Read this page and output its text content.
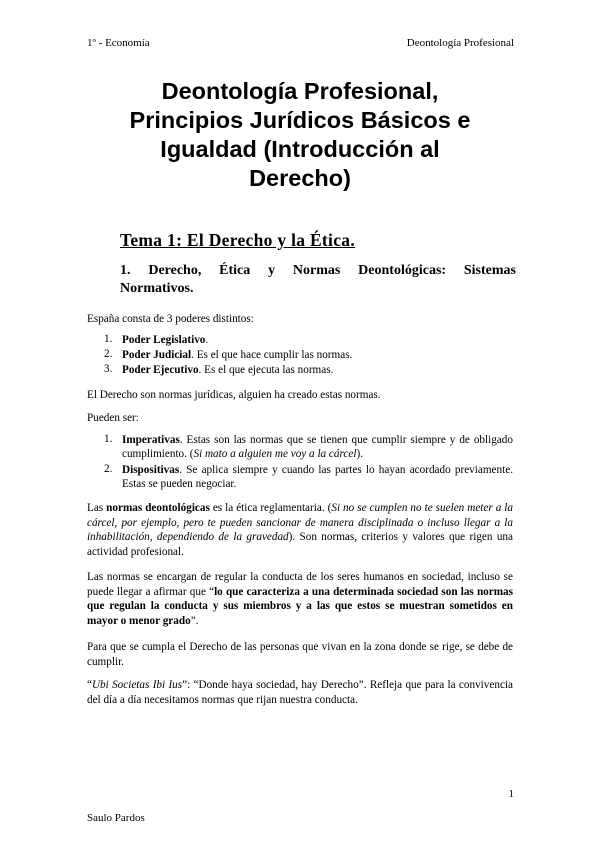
1º - Economía	Deontología Profesional
Deontología Profesional,
Principios Jurídicos Básicos e
Igualdad (Introducción al
Derecho)
Tema 1: El Derecho y la Ética.
1. Derecho, Ética y Normas Deontológicas: Sistemas
Normativos.
España consta de 3 poderes distintos:
1. Poder Legislativo.
2. Poder Judicial. Es el que hace cumplir las normas.
3. Poder Ejecutivo. Es el que ejecuta las normas.
El Derecho son normas jurídicas, alguien ha creado estas normas.
Pueden ser:
1. Imperativas. Estas son las normas que se tienen que cumplir siempre y de obligado cumplimiento. (Si mato a alguien me voy a la cárcel).
2. Dispositivas. Se aplica siempre y cuando las partes lo hayan acordado previamente. Estas se pueden negociar.
Las normas deontológicas es la ética reglamentaria. (Si no se cumplen no te suelen meter a la cárcel, por ejemplo, pero te pueden sancionar de manera disciplinada o incluso llegar a la inhabilitación, dependiendo de la gravedad). Son normas, criterios y valores que rigen una actividad profesional.
Las normas se encargan de regular la conducta de los seres humanos en sociedad, incluso se puede llegar a afirmar que “lo que caracteriza a una determinada sociedad son las normas que regulan la conducta y sus miembros y a las que estos se muestran sometidos en mayor o menor grado”.
Para que se cumpla el Derecho de las personas que vivan en la zona donde se rige, se debe de cumplir.
“Ubi Societas Ibi Ius”: “Donde haya sociedad, hay Derecho”. Refleja que para la convivencia del día a día necesitamos normas que rijan nuestra conducta.
1
Saulo Pardos
